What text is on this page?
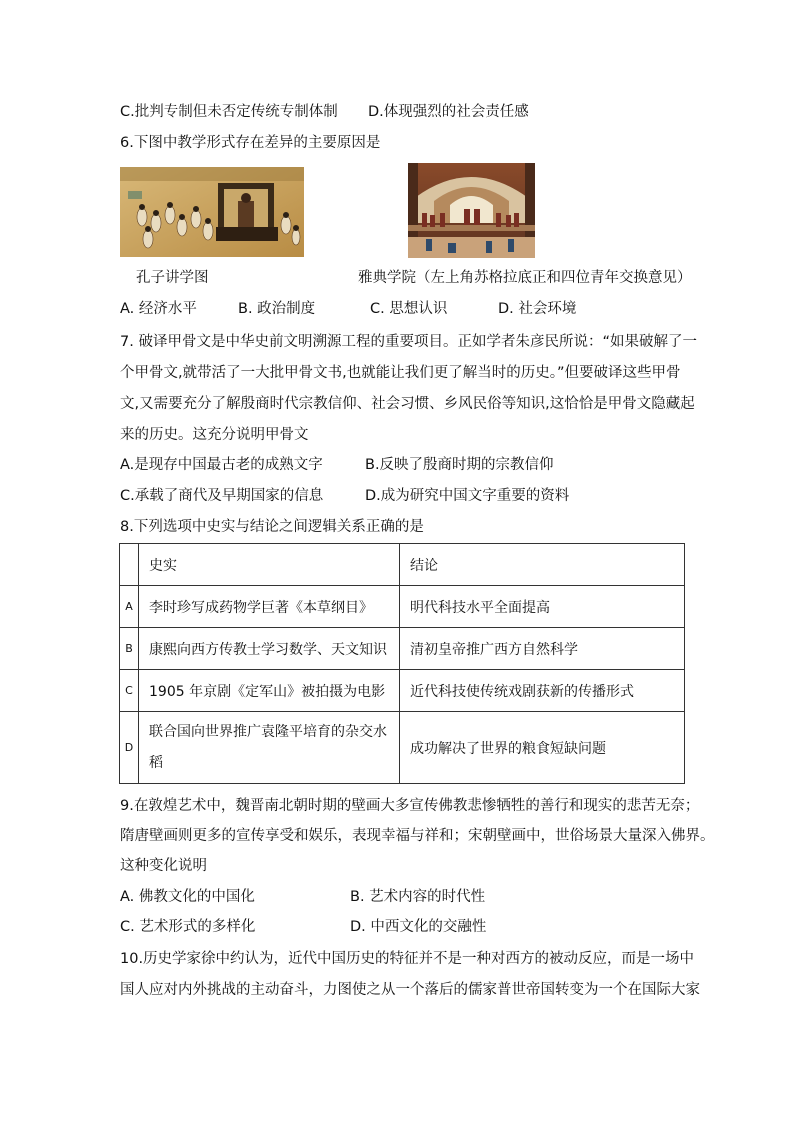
C.批判专制但未否定传统专制体制 D.体现强烈的社会责任感
6.下图中教学形式存在差异的主要原因是
孔子讲学图	雅典学院（左上角苏格拉底正和四位青年交换意见）
A. 经济水平	B. 政治制度	C. 思想认识	D. 社会环境
7. 破译甲骨文是中华史前文明溯源工程的重要项目。正如学者朱彦民所说：“如果破解了一
个甲骨文,就带活了一大批甲骨文书,也就能让我们更了解当时的历史。”但要破译这些甲骨
文,又需要充分了解殷商时代宗教信仰、社会习惯、乡风民俗等知识,这恰恰是甲骨文隐藏起
来的历史。这充分说明甲骨文
A.是现存中国最古老的成熟文字	B.反映了殷商时期的宗教信仰
C.承载了商代及早期国家的信息	D.成为研究中国文字重要的资料
8.下列选项中史实与结论之间逻辑关系正确的是
	史实	结论
A	李时珍写成药物学巨著《本草纲目》	明代科技水平全面提高
B	康熙向西方传教士学习数学、天文知识	清初皇帝推广西方自然科学
C	1905 年京剧《定军山》被拍摄为电影	近代科技使传统戏剧获新的传播形式
D	联合国向世界推广袁隆平培育的杂交水稻	成功解决了世界的粮食短缺问题
9.在敦煌艺术中，魏晋南北朝时期的壁画大多宣传佛教悲惨牺牲的善行和现实的悲苦无奈；
隋唐壁画则更多的宣传享受和娱乐，表现幸福与祥和；宋朝壁画中，世俗场景大量深入佛界。
这种变化说明
A. 佛教文化的中国化	B. 艺术内容的时代性
C. 艺术形式的多样化	D. 中西文化的交融性
10.历史学家徐中约认为，近代中国历史的特征并不是一种对西方的被动反应，而是一场中
国人应对内外挑战的主动奋斗，力图使之从一个落后的儒家普世帝国转变为一个在国际大家
